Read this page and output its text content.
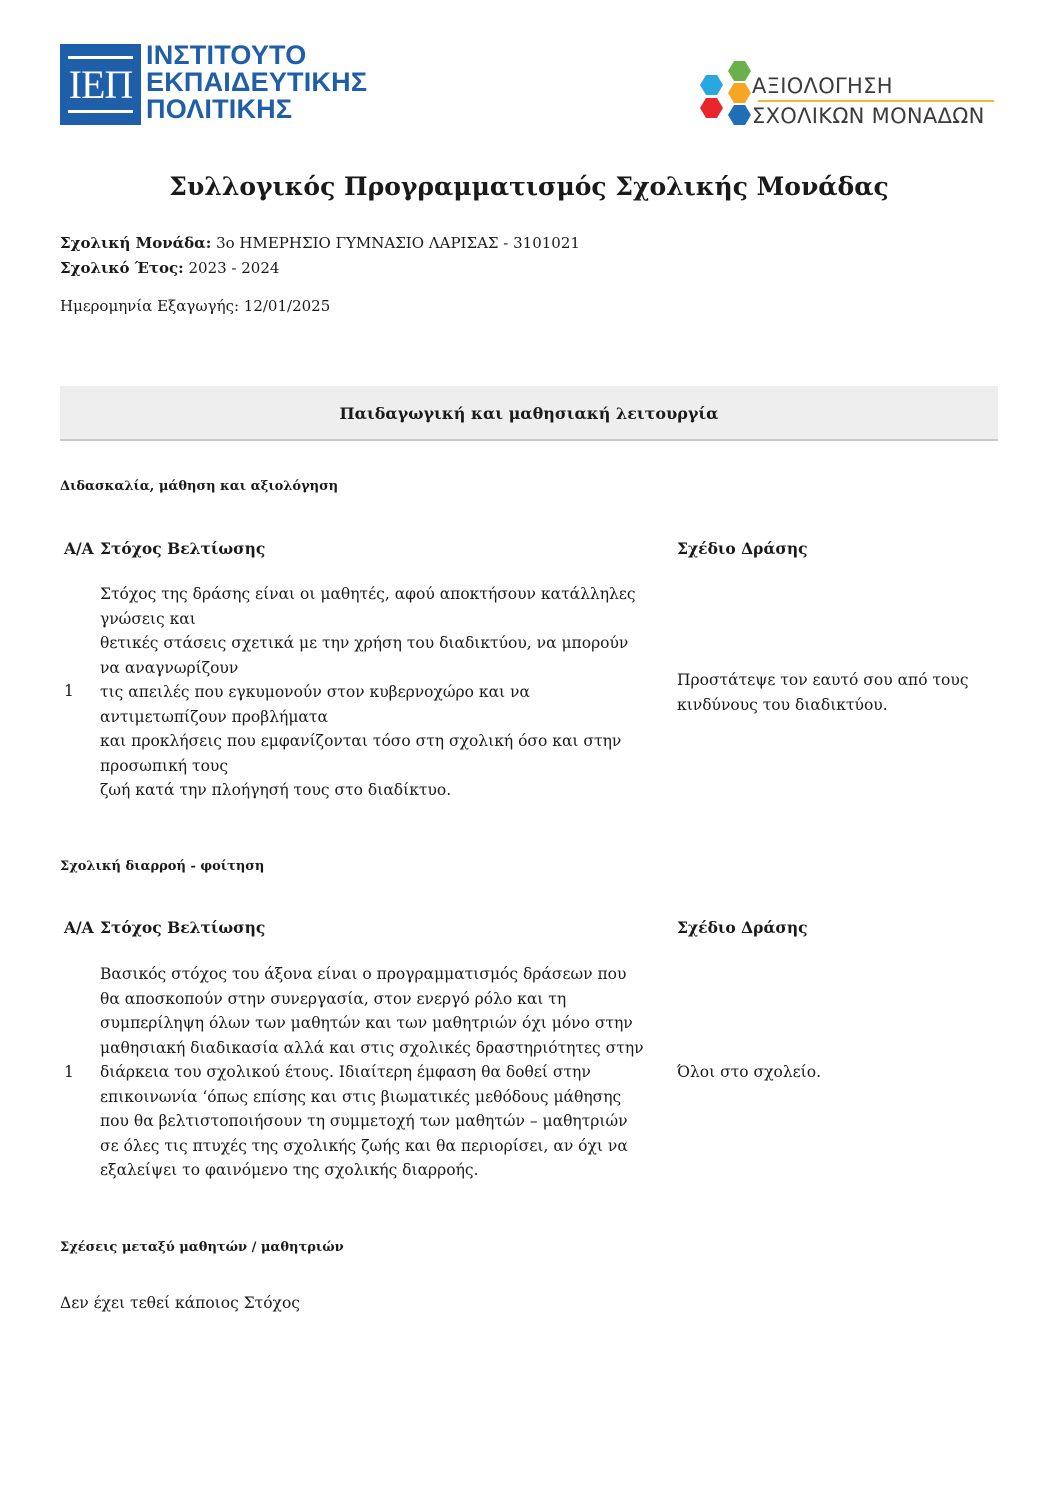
ΙΕΠ
ΙΝΣΤΙΤΟΥΤΟ
ΕΚΠΑΙΔΕΥΤΙΚΗΣ
ΠΟΛΙΤΙΚΗΣ
ΑΞΙΟΛΟΓΗΣΗ
ΣΧΟΛΙΚΩΝ ΜΟΝΑΔΩΝ
Συλλογικός Προγραμματισμός Σχολικής Μονάδας
Σχολική Μονάδα: 3ο ΗΜΕΡΗΣΙΟ ΓΥΜΝΑΣΙΟ ΛΑΡΙΣΑΣ - 3101021
Σχολικό Έτος: 2023 - 2024
Ημερομηνία Εξαγωγής: 12/01/2025
Παιδαγωγική και μαθησιακή λειτουργία
Διδασκαλία, μάθηση και αξιολόγηση
Α/Α Στόχος Βελτίωσης	Σχέδιο Δράσης
1
Στόχος της δράσης είναι οι μαθητές, αφού αποκτήσουν κατάλληλες
γνώσεις και
θετικές στάσεις σχετικά με την χρήση του διαδικτύου, να μπορούν
να αναγνωρίζουν
τις απειλές που εγκυμονούν στον κυβερνοχώρο και να
αντιμετωπίζουν προβλήματα
και προκλήσεις που εμφανίζονται τόσο στη σχολική όσο και στην
προσωπική τους
ζωή κατά την πλοήγησή τους στο διαδίκτυο.
Προστάτεψε τον εαυτό σου από τους
κινδύνους του διαδικτύου.
Σχολική διαρροή - φοίτηση
Α/Α Στόχος Βελτίωσης	Σχέδιο Δράσης
1
Βασικός στόχος του άξονα είναι ο προγραμματισμός δράσεων που
θα αποσκοπούν στην συνεργασία, στον ενεργό ρόλο και τη
συμπερίληψη όλων των μαθητών και των μαθητριών όχι μόνο στην
μαθησιακή διαδικασία αλλά και στις σχολικές δραστηριότητες στην
διάρκεια του σχολικού έτους. Ιδιαίτερη έμφαση θα δοθεί στην
επικοινωνία ‘όπως επίσης και στις βιωματικές μεθόδους μάθησης
που θα βελτιστοποιήσουν τη συμμετοχή των μαθητών – μαθητριών
σε όλες τις πτυχές της σχολικής ζωής και θα περιορίσει, αν όχι να
εξαλείψει το φαινόμενο της σχολικής διαρροής.
Όλοι στο σχολείο.
Σχέσεις μεταξύ μαθητών / μαθητριών
Δεν έχει τεθεί κάποιος Στόχος
